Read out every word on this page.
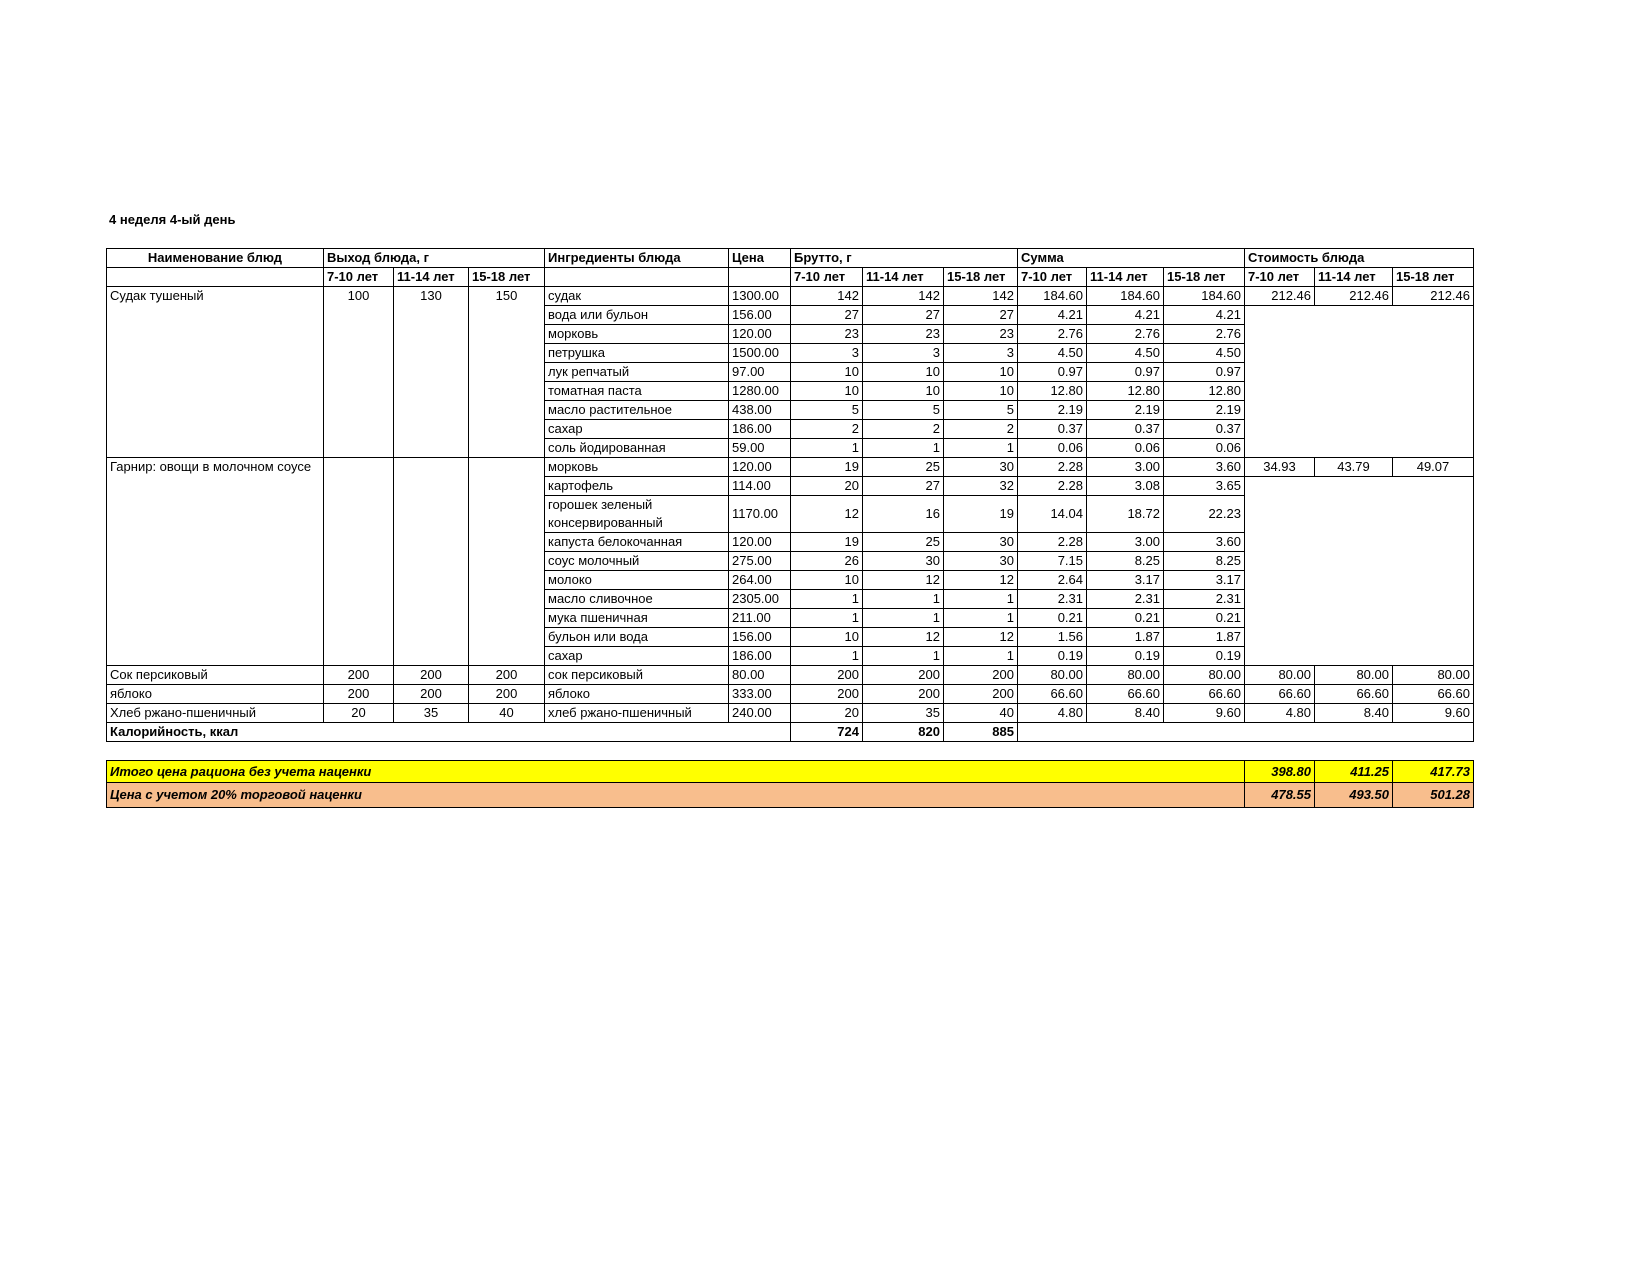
4 неделя 4-ый день
Наименование блюд	Выход блюда, г			Ингредиенты блюда	Цена	Брутто, г			Сумма			Стоимость блюда		
	7-10 лет	11-14 лет	15-18 лет			7-10 лет	11-14 лет	15-18 лет	7-10 лет	11-14 лет	15-18 лет	7-10 лет	11-14 лет	15-18 лет
Судак тушеный	100	130	150	судак	1300.00	142	142	142	184.60	184.60	184.60	212.46	212.46	212.46
				вода или бульон	156.00	27	27	27	4.21	4.21	4.21			
				морковь	120.00	23	23	23	2.76	2.76	2.76			
				петрушка	1500.00	3	3	3	4.50	4.50	4.50			
				лук репчатый	97.00	10	10	10	0.97	0.97	0.97			
				томатная паста	1280.00	10	10	10	12.80	12.80	12.80			
				масло растительное	438.00	5	5	5	2.19	2.19	2.19			
				сахар	186.00	2	2	2	0.37	0.37	0.37			
				соль йодированная	59.00	1	1	1	0.06	0.06	0.06			
Гарнир: овощи в молочном соусе				морковь	120.00	19	25	30	2.28	3.00	3.60	34.93	43.79	49.07
				картофель	114.00	20	27	32	2.28	3.08	3.65			
				горошек зеленый консервированный	1170.00	12	16	19	14.04	18.72	22.23			
				капуста белокочанная	120.00	19	25	30	2.28	3.00	3.60			
				соус молочный	275.00	26	30	30	7.15	8.25	8.25			
				молоко	264.00	10	12	12	2.64	3.17	3.17			
				масло сливочное	2305.00	1	1	1	2.31	2.31	2.31			
				мука пшеничная	211.00	1	1	1	0.21	0.21	0.21			
				бульон или вода	156.00	10	12	12	1.56	1.87	1.87			
				сахар	186.00	1	1	1	0.19	0.19	0.19			
Сок персиковый	200	200	200	сок персиковый	80.00	200	200	200	80.00	80.00	80.00	80.00	80.00	80.00
яблоко	200	200	200	яблоко	333.00	200	200	200	66.60	66.60	66.60	66.60	66.60	66.60
Хлеб ржано-пшеничный	20	35	40	хлеб ржано-пшеничный	240.00	20	35	40	4.80	8.40	9.60	4.80	8.40	9.60
Калорийность, ккал						724	820	885						

Итого цена рациона без учета наценки												398.80	411.25	417.73
Цена с учетом 20% торговой наценки												478.55	493.50	501.28
